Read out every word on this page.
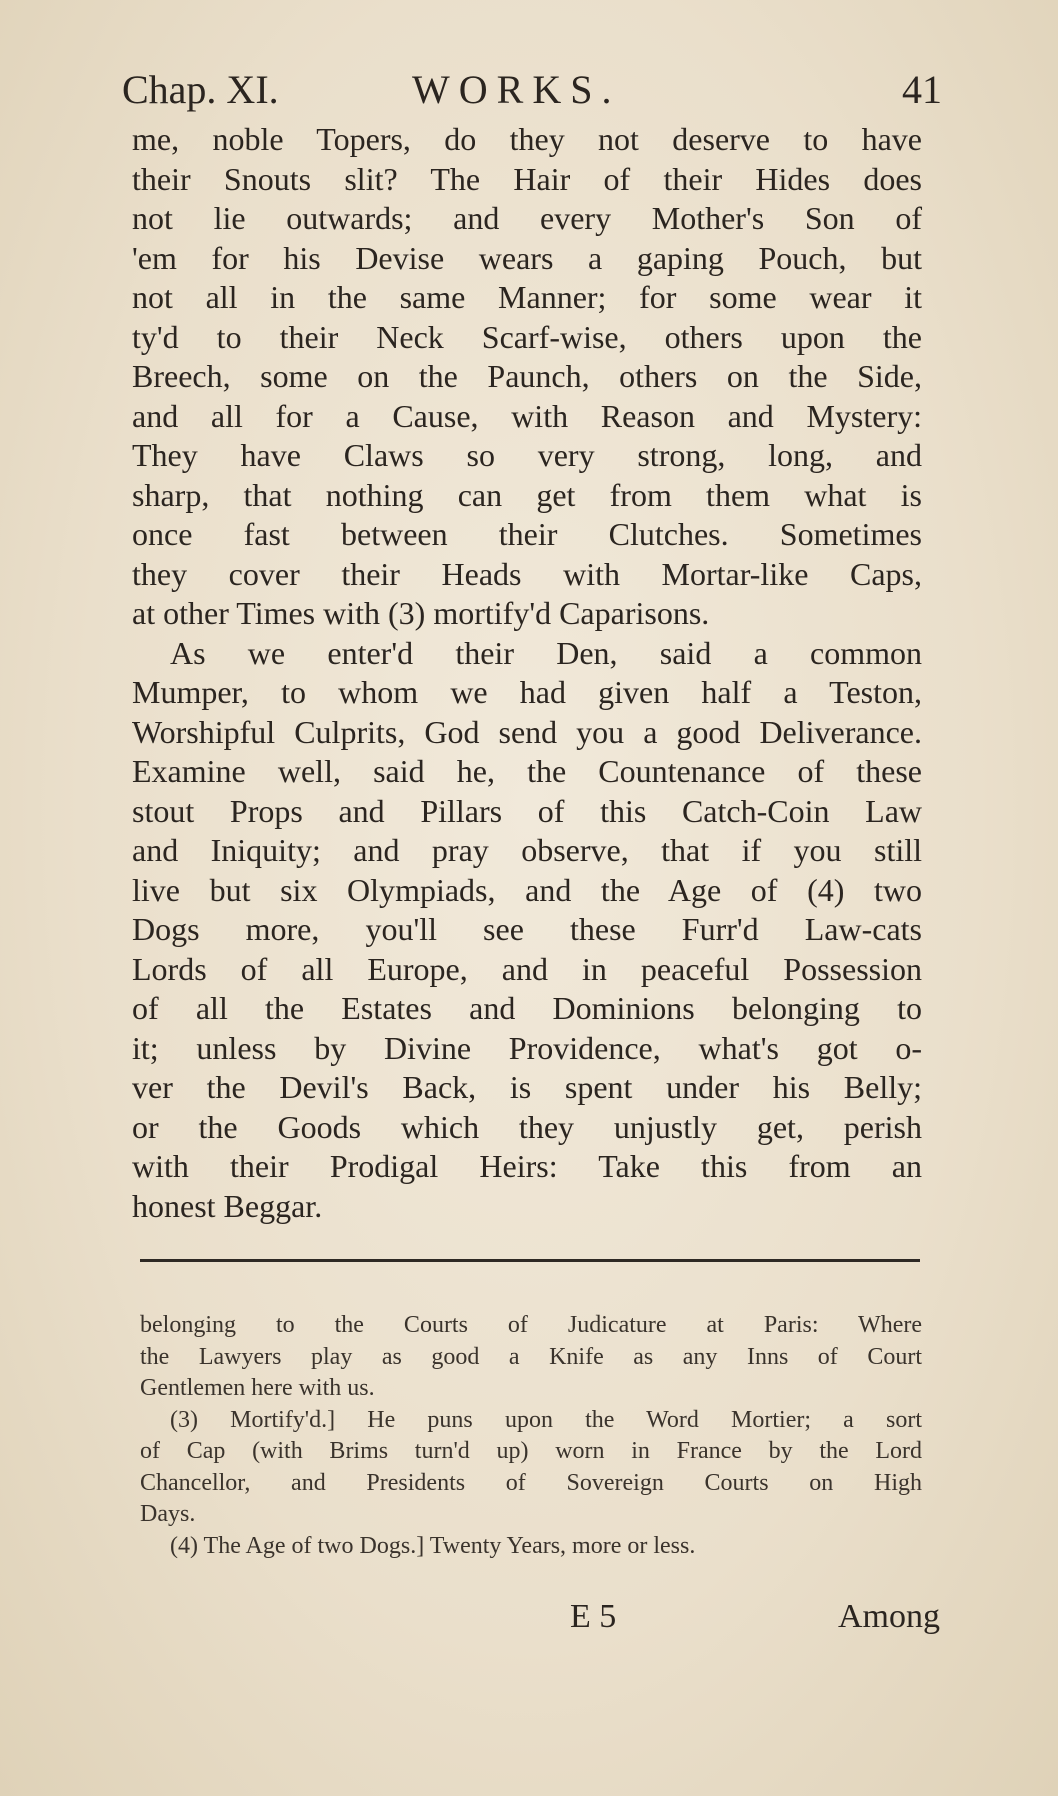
Chap. XI.	WORKS.	41
me, noble Topers, do they not deserve to have
their Snouts slit? The Hair of their Hides does
not lie outwards; and every Mother's Son of
'em for his Devise wears a gaping Pouch, but
not all in the same Manner; for some wear it
ty'd to their Neck Scarf-wise, others upon the
Breech, some on the Paunch, others on the Side,
and all for a Cause, with Reason and Mystery:
They have Claws so very strong, long, and
sharp, that nothing can get from them what is
once fast between their Clutches. Sometimes
they cover their Heads with Mortar-like Caps,
at other Times with (3) mortify'd Caparisons.
As we enter'd their Den, said a common
Mumper, to whom we had given half a Teston,
Worshipful Culprits, God send you a good Deliverance.
Examine well, said he, the Countenance of these
stout Props and Pillars of this Catch-Coin Law
and Iniquity; and pray observe, that if you still
live but six Olympiads, and the Age of (4) two
Dogs more, you'll see these Furr'd Law-cats
Lords of all Europe, and in peaceful Possession
of all the Estates and Dominions belonging to
it; unless by Divine Providence, what's got o-
ver the Devil's Back, is spent under his Belly;
or the Goods which they unjustly get, perish
with their Prodigal Heirs: Take this from an
honest Beggar.
belonging to the Courts of Judicature at Paris: Where
the Lawyers play as good a Knife as any Inns of Court
Gentlemen here with us.
(3) Mortify'd.] He puns upon the Word Mortier; a sort
of Cap (with Brims turn'd up) worn in France by the Lord
Chancellor, and Presidents of Sovereign Courts on High
Days.
(4) The Age of two Dogs.] Twenty Years, more or less.
E 5	Among
